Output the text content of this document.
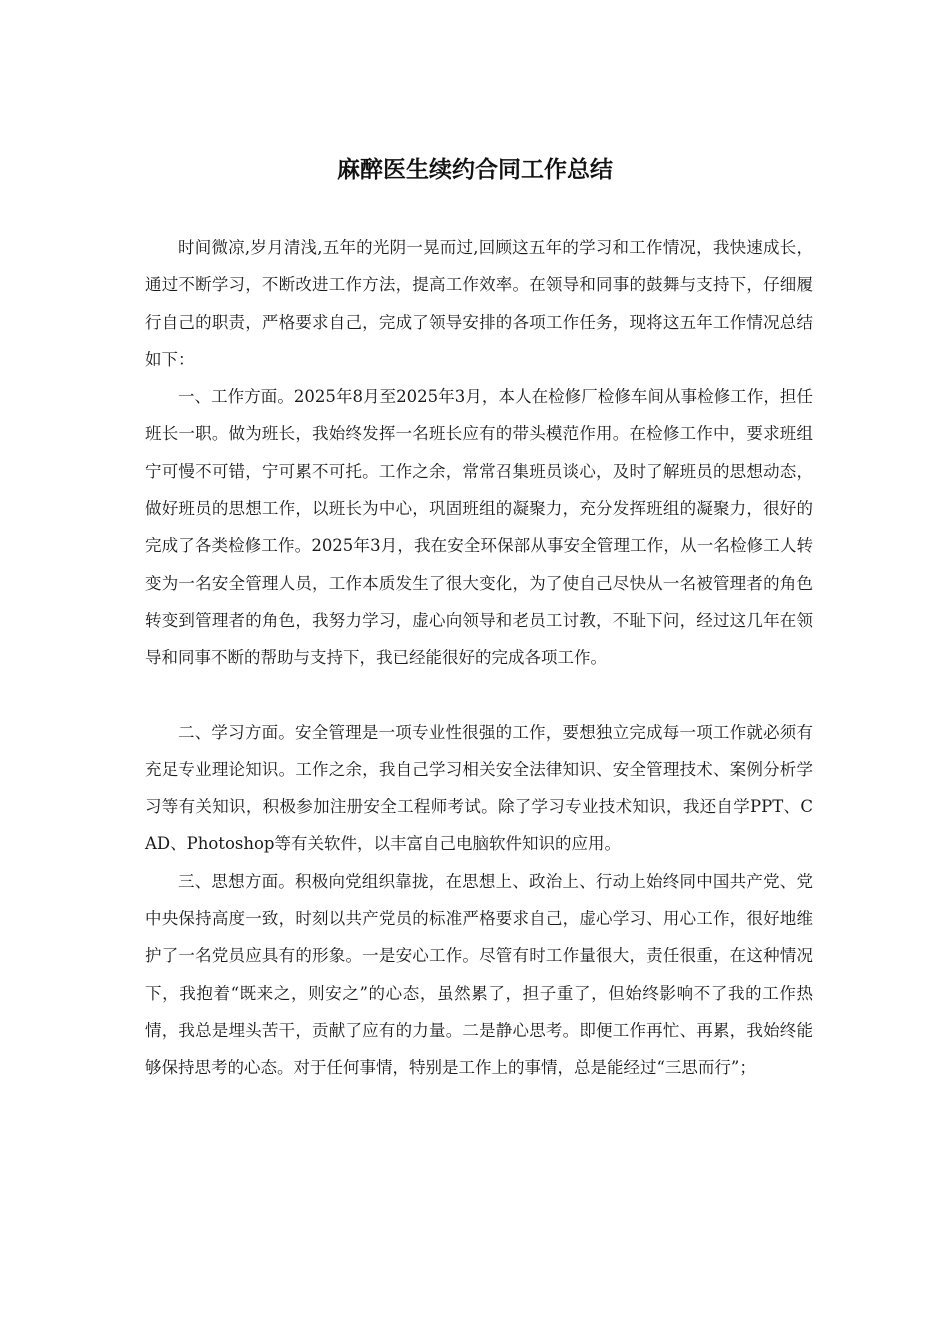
麻醉医生续约合同工作总结

时间微凉,岁月清浅,五年的光阴一晃而过,回顾这五年的学习和工作情况，我快速成长，通过不断学习，不断改进工作方法，提高工作效率。在领导和同事的鼓舞与支持下，仔细履行自己的职责，严格要求自己，完成了领导安排的各项工作任务，现将这五年工作情况总结如下：

一、工作方面。2025年8月至2025年3月，本人在检修厂检修车间从事检修工作，担任班长一职。做为班长，我始终发挥一名班长应有的带头模范作用。在检修工作中，要求班组宁可慢不可错，宁可累不可托。工作之余，常常召集班员谈心，及时了解班员的思想动态，做好班员的思想工作，以班长为中心，巩固班组的凝聚力，充分发挥班组的凝聚力，很好的完成了各类检修工作。2025年3月，我在安全环保部从事安全管理工作，从一名检修工人转变为一名安全管理人员，工作本质发生了很大变化，为了使自己尽快从一名被管理者的角色转变到管理者的角色，我努力学习，虚心向领导和老员工讨教，不耻下问，经过这几年在领导和同事不断的帮助与支持下，我已经能很好的完成各项工作。

二、学习方面。安全管理是一项专业性很强的工作，要想独立完成每一项工作就必须有充足专业理论知识。工作之余，我自己学习相关安全法律知识、安全管理技术、案例分析学习等有关知识，积极参加注册安全工程师考试。除了学习专业技术知识，我还自学PPT、CAD、Photoshop等有关软件，以丰富自己电脑软件知识的应用。

三、思想方面。积极向党组织靠拢，在思想上、政治上、行动上始终同中国共产党、党中央保持高度一致，时刻以共产党员的标准严格要求自己，虚心学习、用心工作，很好地维护了一名党员应具有的形象。一是安心工作。尽管有时工作量很大，责任很重，在这种情况下，我抱着“既来之，则安之”的心态，虽然累了，担子重了，但始终影响不了我的工作热情，我总是埋头苦干，贡献了应有的力量。二是静心思考。即便工作再忙、再累，我始终能够保持思考的心态。对于任何事情，特别是工作上的事情，总是能经过“三思而行”；
